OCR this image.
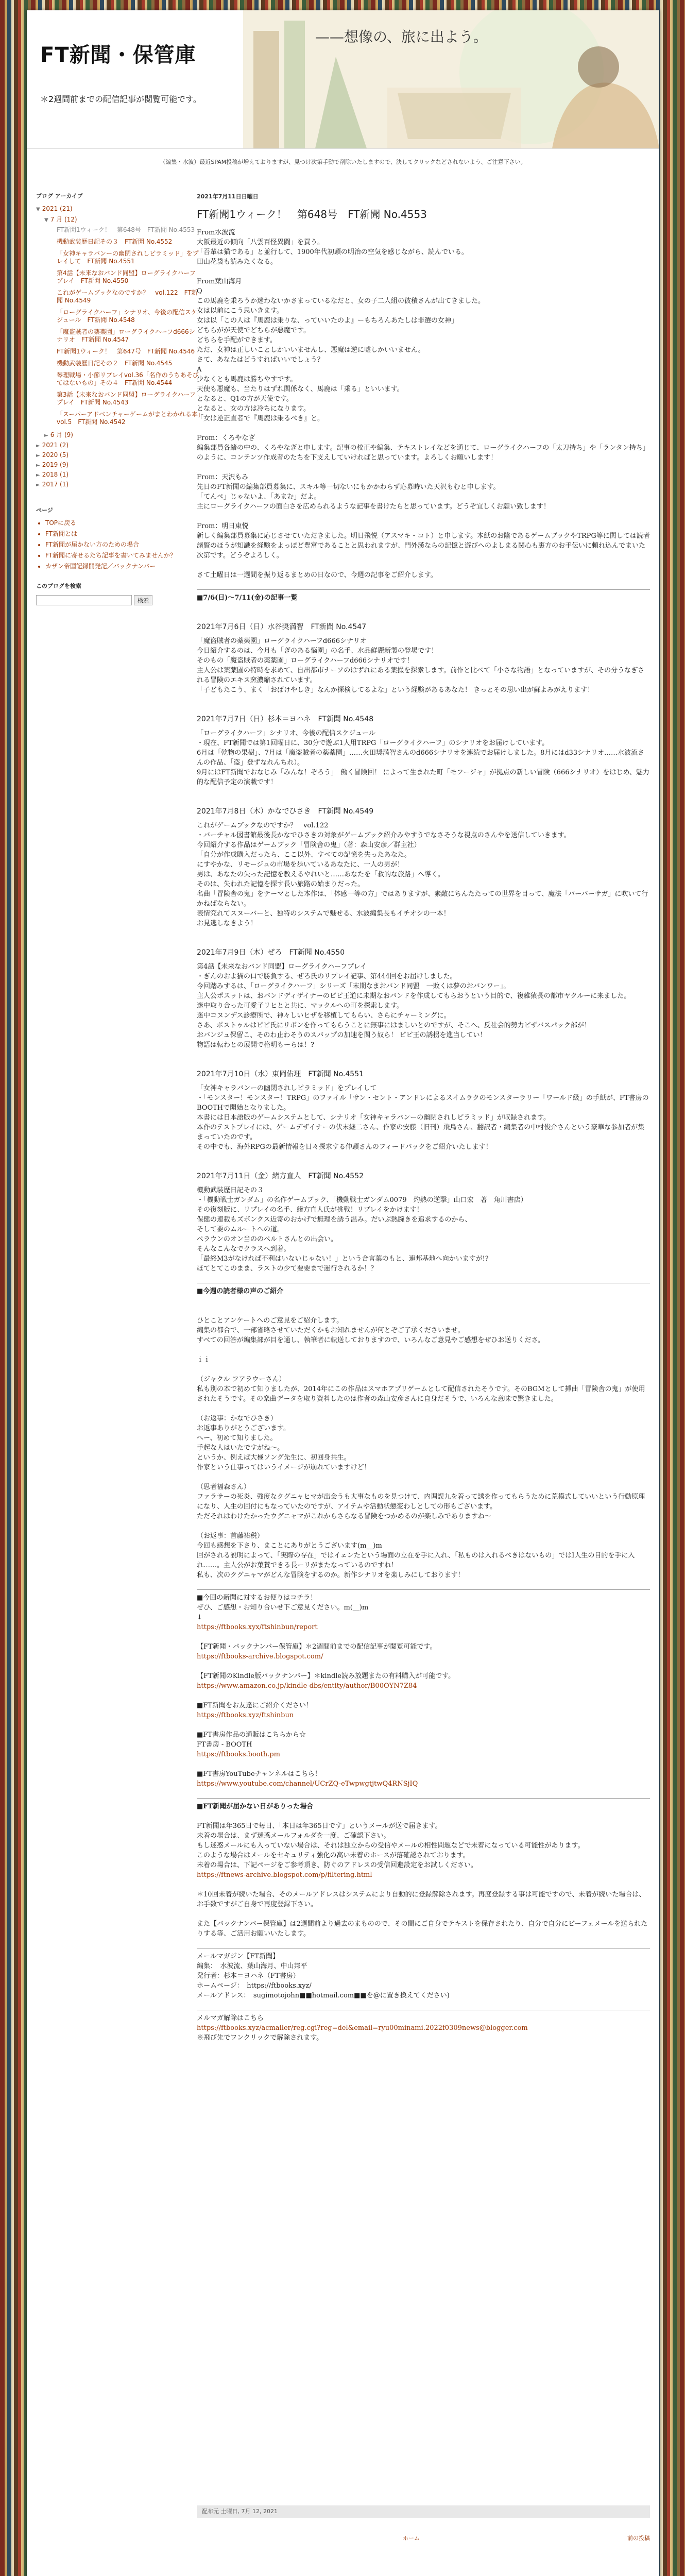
FT新聞・保管庫
＊2週間前までの配信記事が閲覧可能です。
——想像の、旅に出よう。
（編集・水波）最近SPAM投稿が増えておりますが、見つけ次第手動で削除いたしますので、決してクリックなどされないよう、ご注意下さい。
ブログ アーカイブ
▼ 2021 (21)
▼ 7 月 (12)
FT新聞1ウィーク！　第648号　FT新聞 No.4553
機動武装歴日記その３　FT新聞 No.4552
「女神キャラバンーの幽閉されしピラミッド」をプレイして　FT新聞 No.4551
第4話【未来なおバンド同盟】ローグライクハーフプレイ　FT新聞 No.4550
これがゲームブックなのですか？　vol.122　FT新聞 No.4549
「ローグライクハーフ」シナリオ、今後の配信スケジュール　FT新聞 No.4548
「魔盗賊者の薬薬園」ローグライクハーフd666シナリオ　FT新聞 No.4547
FT新聞1ウィーク！　第647号　FT新聞 No.4546
機動武装歴日記その２　FT新聞 No.4545
琴理戦場・小節リプレイvol.36「名作のうちあそびてはないもの」その４　FT新聞 No.4544
第3話【未来なおバンド同盟】ローグライクハーフプレイ　FT新聞 No.4543
「スーパーアドベンチャーゲームがまとわかれる本」vol.5　FT新聞 No.4542
► 6 月 (9)
► 2021 (2)
► 2020 (5)
► 2019 (9)
► 2018 (1)
► 2017 (1)
ページ
• TOPに戻る
• FT新聞とは
• FT新聞が届かない方のための場合
• FT新聞に寄せるたち記事を書いてみませんか？
• カザン帝国記録開発記／バックナンバー
このブログを検索
検索
2021年7月11日日曜日
FT新聞1ウィーク！　第648号　FT新聞 No.4553

From水波流

大阪最近の傾向「八雲百怪異闘」を買う。

「吾輩は猫である」と並行して、1900年代初頭の明治の空気を感じながら、読んでいる。

田山花袋も読みたくなる。

From葉山海月

Q

この馬鹿を乗ろうか迷わないかさまっているなだと、女の子二人組の彼積さんが出てきました。

女は以前にこう思いきます。

女は以「この人は『馬鹿は乗りな、っていいたのよ』ーもちろんあたしは非選の女神」

どちらがが天使でどちらが悪魔です。

どちらを手配ができます。

ただ、女神は正しいことしかいいませんし、悪魔は逆に嘘しかいいません。

さて、あなたはどうすればいいでしょう？

A

少なくとも馬鹿は勝ちやすです。

天使も悪魔も、当たりはずれ関係なく、馬鹿は「乗る」といいます。

となると、Q1の方が天使です。

となると、女の方は冷ちになります。

「女は逆正直者で『馬鹿は乗るべき』と。

From：くろやなぎ

編集部員各緒の中の、くろやなぎと申します。記事の校正や編集、テキストレイなどを通じて、ローグライクハーフの「太刀持ち」や「ランタン持ち」のように、コンテンツ作成者のたちを下支えしていければと思っています。よろしくお願いします！

From：天沢もみ

先日のFT新聞の編集部員募集に、スキル等一切ないにもかかわらず応募時いた天沢もむと申します。

「てんぺ」じゃないよ、「あまむ」だよ。

主にローグライクハーフの面白さを広められるような記事を書けたらと思っています。どうぞ宜しくお願い致します！

From：明日東悦

新しく編集部員募集に応じさせていただきました。明日飛悦（アスマキ・コト）と申します。本紙のお陰であるゲームブックやTRPG等に関しては読者諸賢のほうが知識を経験をよっぽど豊富であることと思われますが、門外漢ならの記憶と遊びへのよしまる関心も裏方のお手伝いに頼れ込んでまいた次第です。どうぞよろしく。

さて土曜日は一週間を振り返るまとめの日なので、今週の記事をご紹介します。

■7/6(日)〜7/11(金)の記事一覧

2021年7月6日（日）水谷奨満智　FT新聞 No.4547

「魔盗賊者の薬薬園」ローグライクハーフd666シナリオ

今日紹介するのは、今月も「ぎのある悩園」の名手、水品鮮麗新製の登場です！

そのもの「魔盗賊者の薬薬園」ローグライクハーフd666シナリオです！

主人公は薬薬園の特時を求めて、自出都市ナーソのはずれにある薬撮を探索します。前作と比べて「小さな物語」となっていますが、その分うなぎされる冒険のエキス窯濃縮されています。

「子どもたこう、まく「おばけやしき」なんか探検してるよな」という経験があるあなた！ きっとその思い出が蘇よみがえります！

2021年7月7日（日）杉本＝ヨハネ　FT新聞 No.4548

「ローグライクハーフ」シナリオ、今後の配信スケジュール

・現在、FT新聞では第1回曜日に、30分で遊ぶ1人用TRPG「ローグライクハーフ」のシナリオをお届けしています。

6月は「乾物の果樹」、7月は「魔盗賊者の薬薬園」……火田奨満智さんのd666シナリオを連続でお届けしました。8月にはd33シナリオ……水波流さんの作品、「盗」登ずなれんちれ）。

9月にはFT新聞でおなじみ「みんな！ぞろう」　働く冒険回！ によって生まれた町「モフージャ」が拠点の新しい冒険（666シナリオ）をはじめ、魅力的な配信予定の演載です！

2021年7月8日（木）かなでひさき　FT新聞 No.4549

これがゲームブックなのですか？　vol.122

・バーチャル図書館最後長かなでひさきの対象がゲームブック紹介みやすうでなさそうな視点のさんやを送信していきます。

今回紹介する作品はゲームブック「冒険舎の鬼」（著：森山安彦／群主社）

「自分が作成購入だったら、ここ以外、すべての記憶を失ったあなた。

にすやかな、リモージュの市場を歩いているあなたに、一人の男が！

男は、あなたの失った記憶を教えるやれいと……あなたを「救的な旅路」へ導く。

そのは、失われた記憶を探す長い旅路の始まりだった。

名曲「冒険舎の鬼」をテーマとした本作は、「体感一等の方」ではありますが、素敵にちんたたっての世界を目って、魔法「パーバーサガ」に吹いて行かねばならない。

表情究れてスヌーバーと、独特のシステムで魅せる、水波編集長もイチオシの一本！

お見逃しなきよう！

2021年7月9日（木）ぜろ　FT新聞 No.4550

第4話【未来なおバンド同盟】ローグライクハーフプレイ

・ぎんのおよ猫の口で勝負する、ぜろ氏のリプレイ記事、第444回をお届けしました。

今回踏みするは、「ローグライクハーフ」シリーズ「末期なまおバンド同盟　一敗くは夢のおバンワー」。

主人公ポスットは、おバンドディザイナーのピピ王道に未期なおバンドを作成してもらおうという目的で、複雑猿長の都市ヤクルーに来ました。

迷中取り合った可愛子リヒとと共に、マックルへの町を探索します。

迷中コヌンデス診療所で、神々しいヒザを移植してもらい、さらにチャーミングに。

さあ、ポストゥルはピピ氏にリボンを作ってもらうことに無事にはましいとのですが、そこへ、反社会的勢力ピザバスパック部が！

おバンジュ保留こ、そのわ止わそうのスバップの加速を関う奴ら！ ピピ王の誘拐を進当してい！

物語は転わとの展開で格明もーらは！?

2021年7月10日（水）東岡佑理　FT新聞 No.4551

「女神キャラバンーの幽閉されしピラミッド」をプレイして

・「モンスター！モンスター！TRPG」のファイル「サン・セント・アンドレによるスイムラクのモンスターラリー「ワールド級」の手紙が、FT書房のBOOTHで開始となりました。

本書には日本語版のゲームシステムとして、シナリオ「女神キャラバンーの幽閉されしピラミッド」が収録されます。

本作のテストプレイには、ゲームデザイナーの伏末継二さん、作家の安藤（旧刊）飛鳥さん、翻訳者・編集者の中村俊介さんという豪華な参加者が集まっていたのです。

その中でも、海外RPGの最新情報を日々探求する仲頭さんのフィードバックをご紹介いたします！

2021年7月11日（金）緒方直人　FT新聞 No.4552

機動武装歴日記その３

・「機動戦士ガンダム」の名作ゲームブック、「機動戦士ガンダム0079　灼熱の逆撃」山口宏　著　角川書店）

その復刻版に、リプレイの名手、緒方直人氏が挑戦！リプレイをかけます！

保健の連載もズボンクス近寄のおかげで無理を誘う温み。だいぶ熱腕きを追求するのから、

そして要のムルートへの道。

ぺラウンのオン当ののペルトさんとの出会い。

そんなこんなでクラスへ到着。

「最終M3がなければ不利はいないじゃない！」という合言葉のもと、連邦基地へ向かいますが!?

ほてとてこのまま、ラストの少て要要まで運行されるか！？

■今週の読者様の声のご紹介

ひとことアンケートへのご意見をご紹介します。

編集の都合で、一部省略させていただくかもお知れませんが何とぞご了承くださいませ。

すべての回答が編集部が目を通し、執筆者に転送しておりますので、いろんなご意見やご感想をぜひお送りくださ。

ｉｉ

（ジャクル フアラウーさん）

私も別の本で初めて知りましたが、2014年にこの作品はスマホアプリゲームとして配信されたそうです。そのBGMとして挿曲「冒険舎の鬼」が使用されたそうです。その楽曲データを取り資料したのは作者の森山安彦さんに自身だそうで、いろんな意味で驚きました。

（お返事：かなでひさき）

お返事ありがとうございます。

へー、初めて知りました。

手起な人はいたですがね〜。

というか、例えば大極ソング先生に、初回身共生。

作家という仕事ってはいうイメージが崩れていますけど！

（思者福森さん）

ファラサーの死炎、強度なクグニャヒマが出会うも大事なものを見つけて、内调誤九を着って誘を作ってもらうために荒模式していいという行動原理になり、人生の回付にもなっていたのですが、アイテムや活動状態変わしとしての形もございます。

ただそれはわけたかったウグニャマがこれからさらなる冒険をつかめるのが楽しみでありますね〜

（お返事：首藤祐税）

今回も感想を下さり、まことにありがとうございます(m__)m

回がされる説明によって、「実際の存在」ではイェンたという場面の立在を手に入れ、「私ものは入れるべきはないもの」ではI人生の目的を手に入れ……。主人公がお菓賛できる長ーリがまたなっているのですね！

私も、次のクグニャマがどんな冒険をするのか。新作シナリオを楽しみにしております！

■今回の新聞に対するお便りはコチラ！

ぜひ、ご感想・お知り合いせ下ご意見ください。m(__)m

↓

https://ftbooks.xyx/ftshinbun/report

【FT新聞・バックナンバー保管庫】＊2週間前までの配信記事が閲覧可能です。

https://ftbooks-archive.blogspot.com/

【FT新聞のKindle版バックナンバー】＊kindle読み放題またの有料購入が可能です。

https://www.amazon.co.jp/kindle-dbs/entity/author/B00OYN7Z84

■FT新聞をお友達にご紹介ください！

https://ftbooks.xyz/ftshinbun

■FT書房作品の通販はこちらから☆

FT書房 - BOOTH

https://ftbooks.booth.pm

■FT書房YouTubeチャンネルはこちら！

https://www.youtube.com/channel/UCrZQ-eTwpwgtjtwQ4RNSjIQ

■FT新聞が届かない日がありった場合

FT新聞は年365日で毎日、「本日は年365日です」というメールが送で届きます。

未着の場合は、まず迷惑メールフォルダを一度、ご確認下さい。

もし迷惑メールにも入っていない場合は、それは独立からの受信やメールの相性問題などで未着になっている可能性があります。

このような場合はメールをセキュリティ強化の高い未着のホースが落確認されております。

未着の場合は、下記ページをご参考頂き、防ぐのアドレスの受信回避設定をお試しください。

https://ftnews-archive.blogspot.com/p/filtering.html

＊10回未着が続いた場合、そのメールアドレスはシステムにより自動的に登録解除されます。再度登録する事は可能ですので、未着が続いた場合は、お手数ですがご自身で再度登録下さい。

また【バックナンバー保管庫】は2週間前より過去のまものので、その間にご自身でテキストを保存されたり、自分で自分にビーフェメールを送られたりする等、ご活用お願いいたします。

メールマガジン【FT新聞】

編集：　水波流、葉山海月、中山邦平

発行者：杉本＝ヨハネ（FT書房）

ホームページ：　https://ftbooks.xyz/

メールアドレス：　sugimotojohn■■hotmail.com■■を@に置き換えてください)

メルマガ解除はこちら

https://ftbooks.xyz/acmailer/reg.cgi?reg=del&email=ryu00minami.2022f0309news@blogger.com

※飛び先でワンクリックで解除されます。

配布元 土曜日, 7月 12, 2021
ホーム	前の投稿
